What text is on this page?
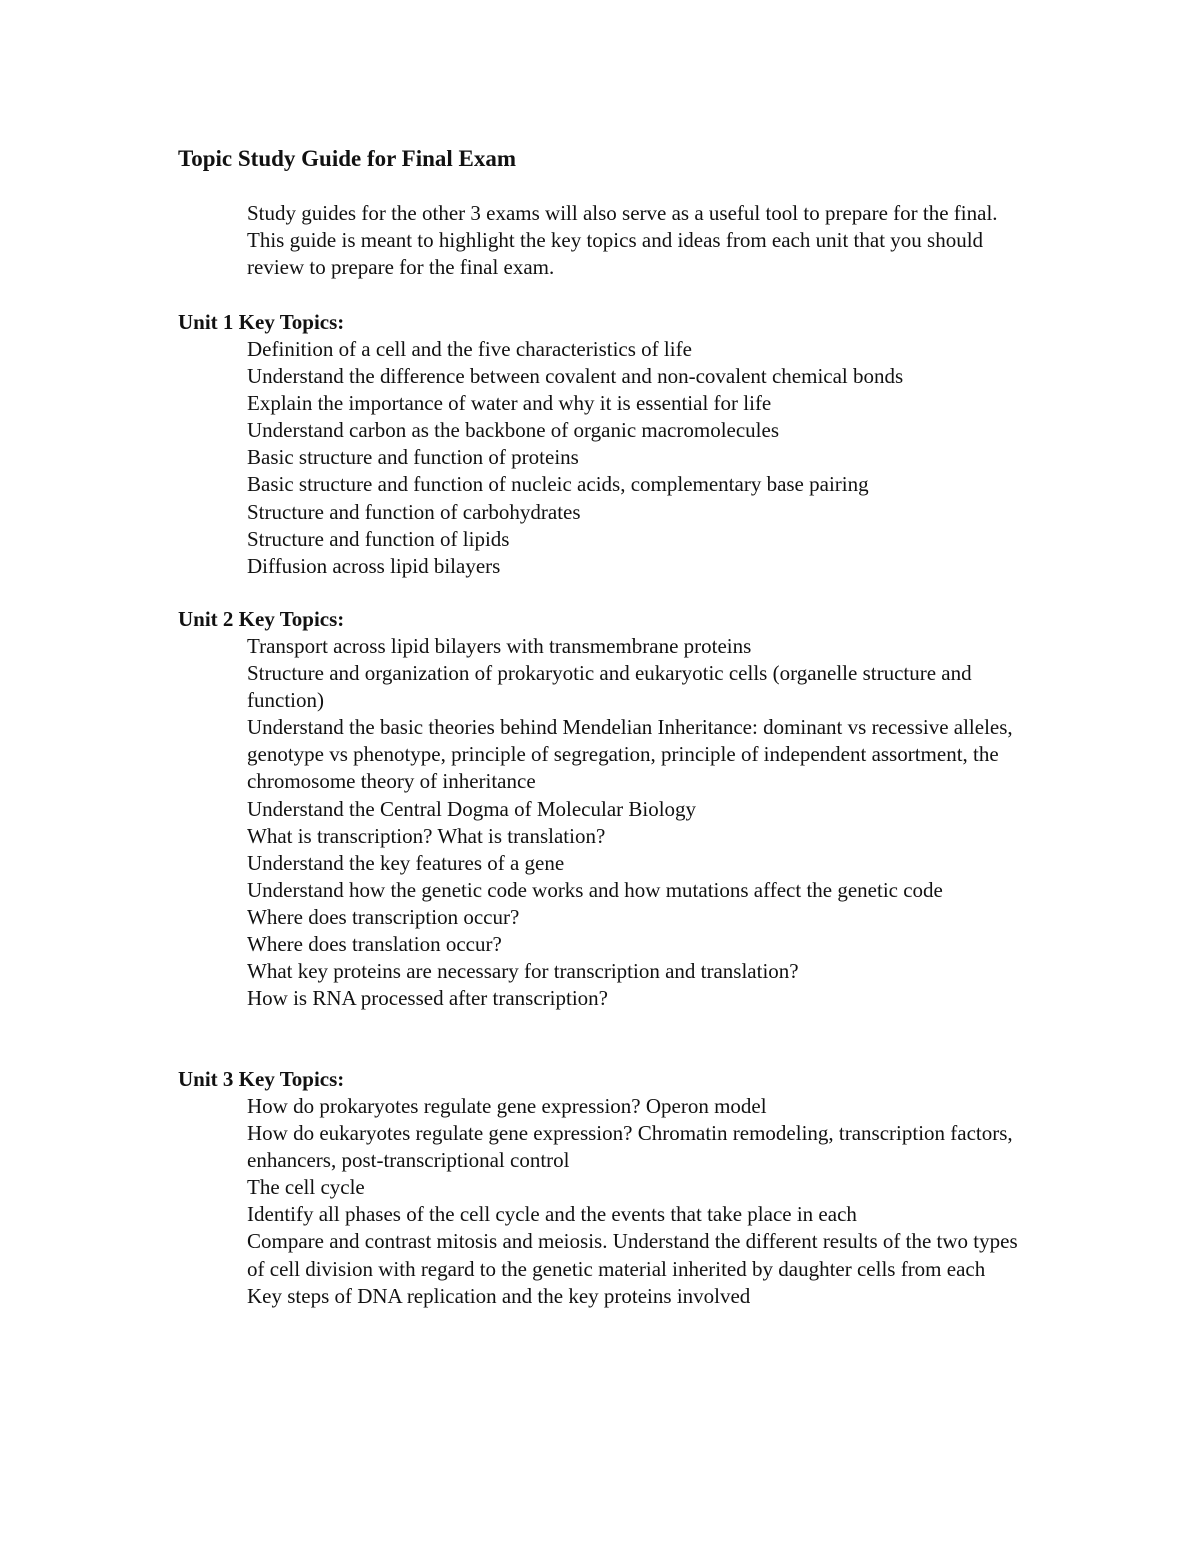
Topic Study Guide for Final Exam

Study guides for the other 3 exams will also serve as a useful tool to prepare for the final. This guide is meant to highlight the key topics and ideas from each unit that you should review to prepare for the final exam.

Unit 1 Key Topics:
Definition of a cell and the five characteristics of life
Understand the difference between covalent and non-covalent chemical bonds
Explain the importance of water and why it is essential for life
Understand carbon as the backbone of organic macromolecules
Basic structure and function of proteins
Basic structure and function of nucleic acids, complementary base pairing
Structure and function of carbohydrates
Structure and function of lipids
Diffusion across lipid bilayers
Unit 2 Key Topics:
Transport across lipid bilayers with transmembrane proteins
Structure and organization of prokaryotic and eukaryotic cells (organelle structure and function)
Understand the basic theories behind Mendelian Inheritance: dominant vs recessive alleles, genotype vs phenotype, principle of segregation, principle of independent assortment, the chromosome theory of inheritance
Understand the Central Dogma of Molecular Biology
What is transcription? What is translation?
Understand the key features of a gene
Understand how the genetic code works and how mutations affect the genetic code
Where does transcription occur?
Where does translation occur?
What key proteins are necessary for transcription and translation?
How is RNA processed after transcription?
Unit 3 Key Topics:
How do prokaryotes regulate gene expression? Operon model
How do eukaryotes regulate gene expression? Chromatin remodeling, transcription factors, enhancers, post-transcriptional control
The cell cycle
Identify all phases of the cell cycle and the events that take place in each
Compare and contrast mitosis and meiosis. Understand the different results of the two types of cell division with regard to the genetic material inherited by daughter cells from each
Key steps of DNA replication and the key proteins involved
